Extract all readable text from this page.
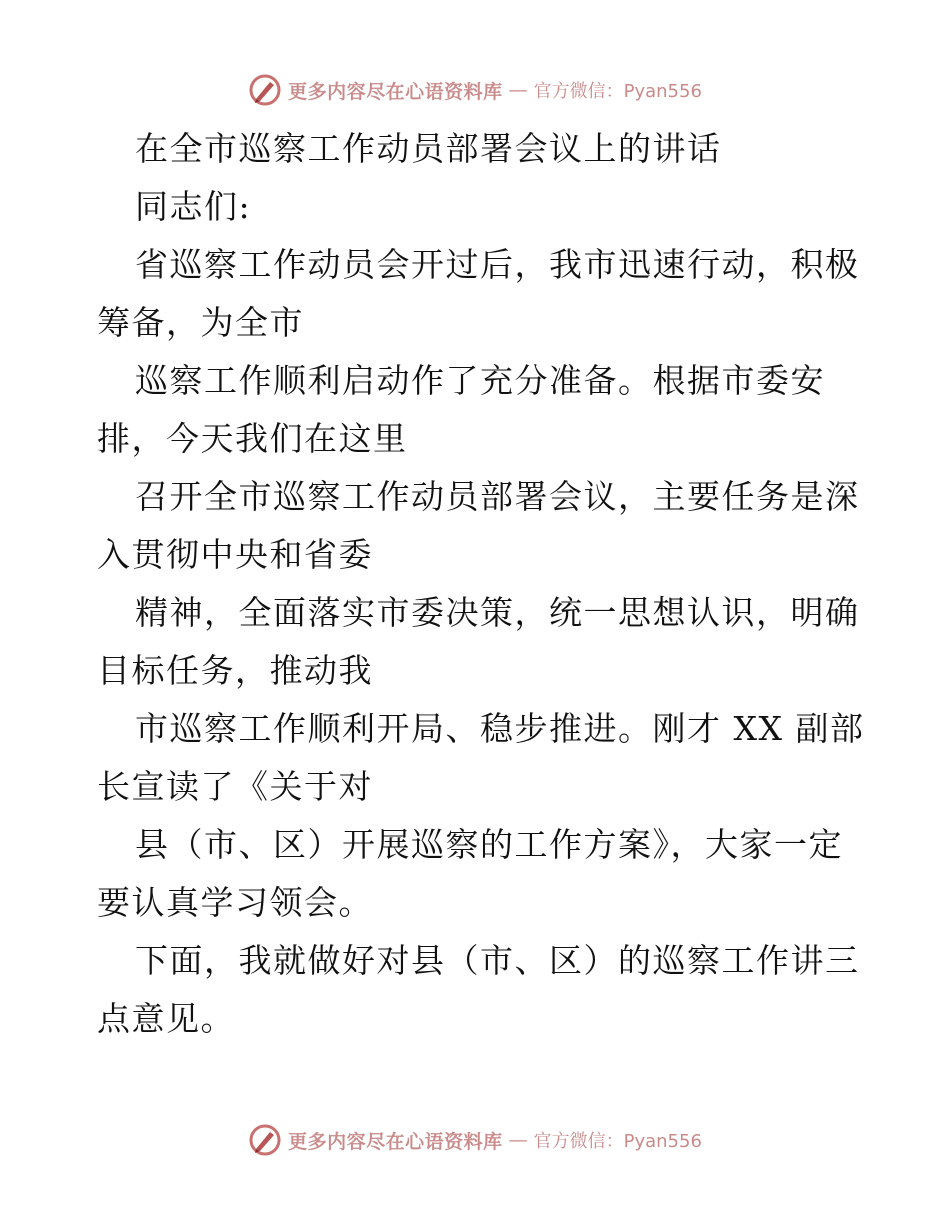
更多内容尽在心语资料库 — 官方微信：Pyan556

在全市巡察工作动员部署会议上的讲话

同志们:

省巡察工作动员会开过后，我市迅速行动，积极

筹备，为全市

巡察工作顺利启动作了充分准备。根据市委安

排，今天我们在这里

召开全市巡察工作动员部署会议，主要任务是深

入贯彻中央和省委

精神，全面落实市委决策，统一思想认识，明确

目标任务，推动我

市巡察工作顺利开局、稳步推进。刚才 XX 副部

长宣读了《关于对

县（市、区）开展巡察的工作方案》，大家一定

要认真学习领会。

下面，我就做好对县（市、区）的巡察工作讲三

点意见。

更多内容尽在心语资料库 — 官方微信：Pyan556
